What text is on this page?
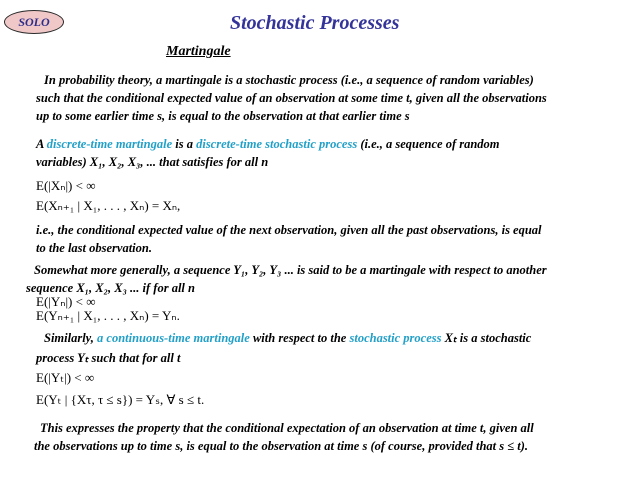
SOLO	Stochastic Processes
Martingale
In probability theory, a martingale is a stochastic process (i.e., a sequence of random variables)
such that the conditional expected value of an observation at some time t, given all the observations
up to some earlier time s, is equal to the observation at that earlier time s
A discrete-time martingale is a discrete-time stochastic process (i.e., a sequence of random
variables) X₁, X₂, X₃, ... that satisfies for all n
E(|Xₙ|) < ∞
E(Xₙ₊₁ | X₁, . . . , Xₙ) = Xₙ,
i.e., the conditional expected value of the next observation, given all the past observations, is equal
to the last observation.
Somewhat more generally, a sequence Y₁, Y₂, Y₃ ... is said to be a martingale with respect to another
sequence X₁, X₂, X₃ ... if for all n
E(|Yₙ|) < ∞
E(Yₙ₊₁ | X₁, . . . , Xₙ) = Yₙ.
Similarly, a continuous-time martingale with respect to the stochastic process Xₜ is a stochastic
process Yₜ such that for all t
E(|Yₜ|) < ∞
E(Yₜ | {Xτ, τ ≤ s}) = Yₛ, ∀ s ≤ t.
This expresses the property that the conditional expectation of an observation at time t, given all
the observations up to time s, is equal to the observation at time s (of course, provided that s ≤ t).
